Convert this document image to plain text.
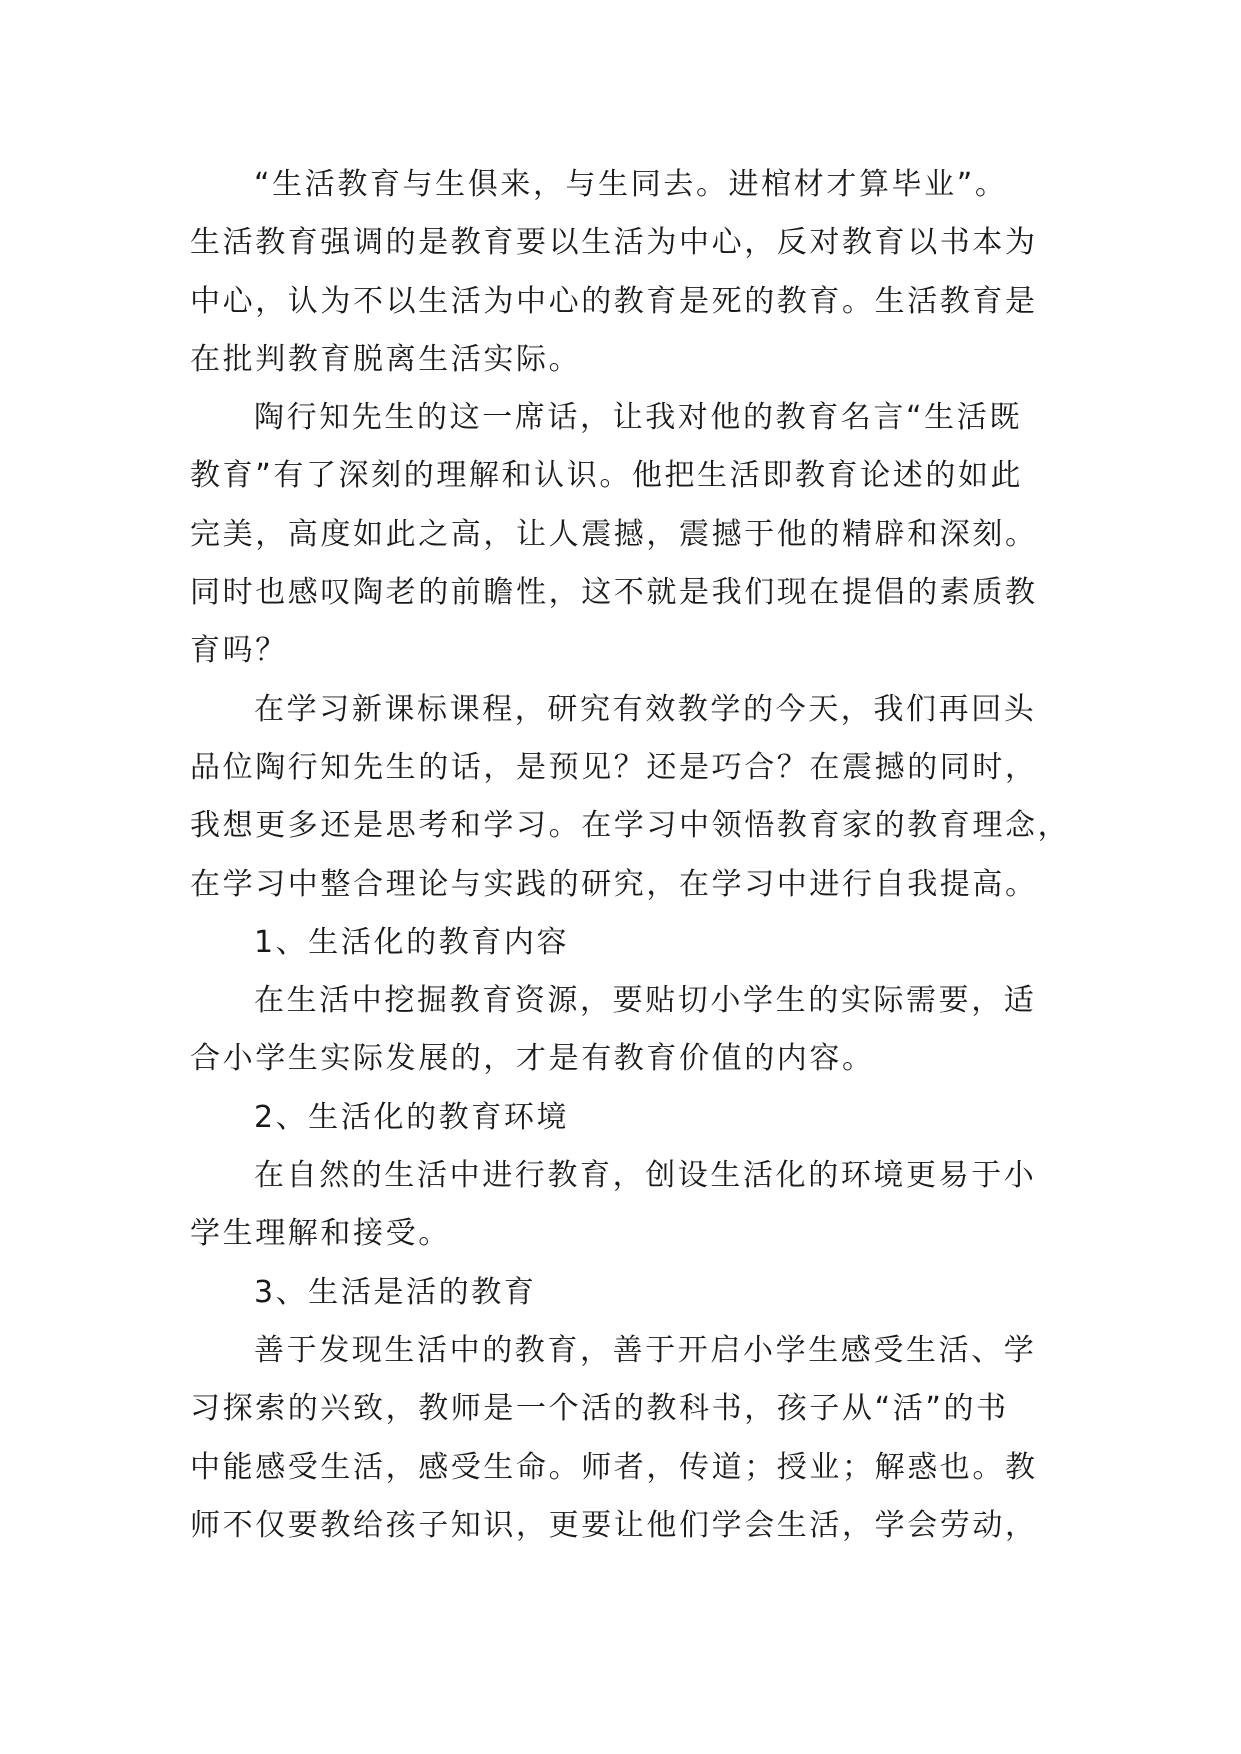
“生活教育与生俱来，与生同去。进棺材才算毕业”。

生活教育强调的是教育要以生活为中心，反对教育以书本为

中心，认为不以生活为中心的教育是死的教育。生活教育是

在批判教育脱离生活实际。

陶行知先生的这一席话，让我对他的教育名言“生活既

教育”有了深刻的理解和认识。他把生活即教育论述的如此

完美，高度如此之高，让人震撼，震撼于他的精辟和深刻。

同时也感叹陶老的前瞻性，这不就是我们现在提倡的素质教

育吗？

在学习新课标课程，研究有效教学的今天，我们再回头

品位陶行知先生的话，是预见？还是巧合？在震撼的同时，

我想更多还是思考和学习。在学习中领悟教育家的教育理念，

在学习中整合理论与实践的研究，在学习中进行自我提高。

1、生活化的教育内容

在生活中挖掘教育资源，要贴切小学生的实际需要，适

合小学生实际发展的，才是有教育价值的内容。

2、生活化的教育环境

在自然的生活中进行教育，创设生活化的环境更易于小

学生理解和接受。

3、生活是活的教育

善于发现生活中的教育，善于开启小学生感受生活、学

习探索的兴致，教师是一个活的教科书，孩子从“活”的书

中能感受生活，感受生命。师者，传道；授业；解惑也。教

师不仅要教给孩子知识，更要让他们学会生活，学会劳动，
